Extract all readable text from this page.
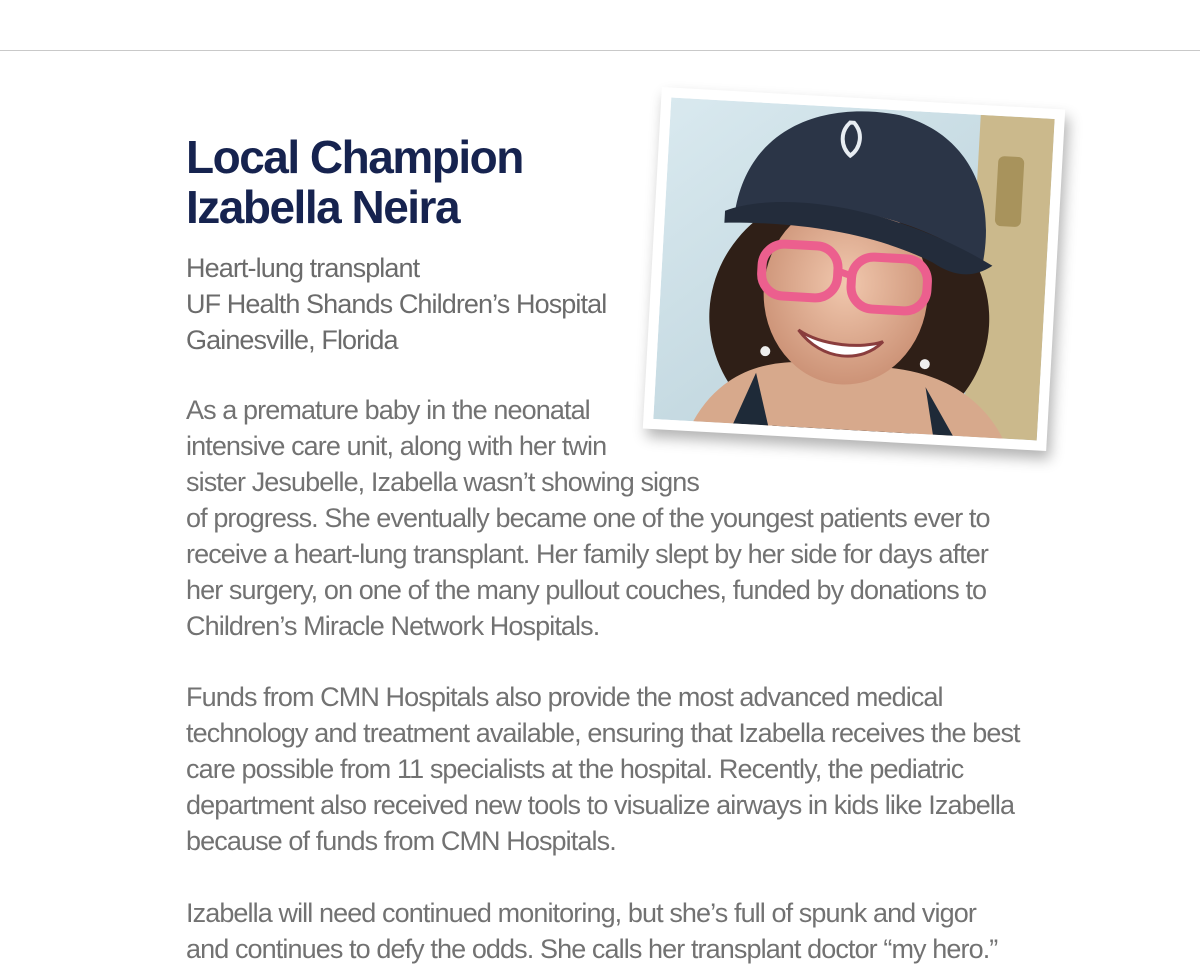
Local Champion
Izabella Neira
Heart-lung transplant
UF Health Shands Children’s Hospital
Gainesville, Florida
As a premature baby in the neonatal
intensive care unit, along with her twin
sister Jesubelle, Izabella wasn’t showing signs
of progress. She eventually became one of the youngest patients ever to
receive a heart-lung transplant. Her family slept by her side for days after
her surgery, on one of the many pullout couches, funded by donations to
Children’s Miracle Network Hospitals.
Funds from CMN Hospitals also provide the most advanced medical
technology and treatment available, ensuring that Izabella receives the best
care possible from 11 specialists at the hospital. Recently, the pediatric
department also received new tools to visualize airways in kids like Izabella
because of funds from CMN Hospitals.
Izabella will need continued monitoring, but she’s full of spunk and vigor
and continues to defy the odds. She calls her transplant doctor “my hero.”
